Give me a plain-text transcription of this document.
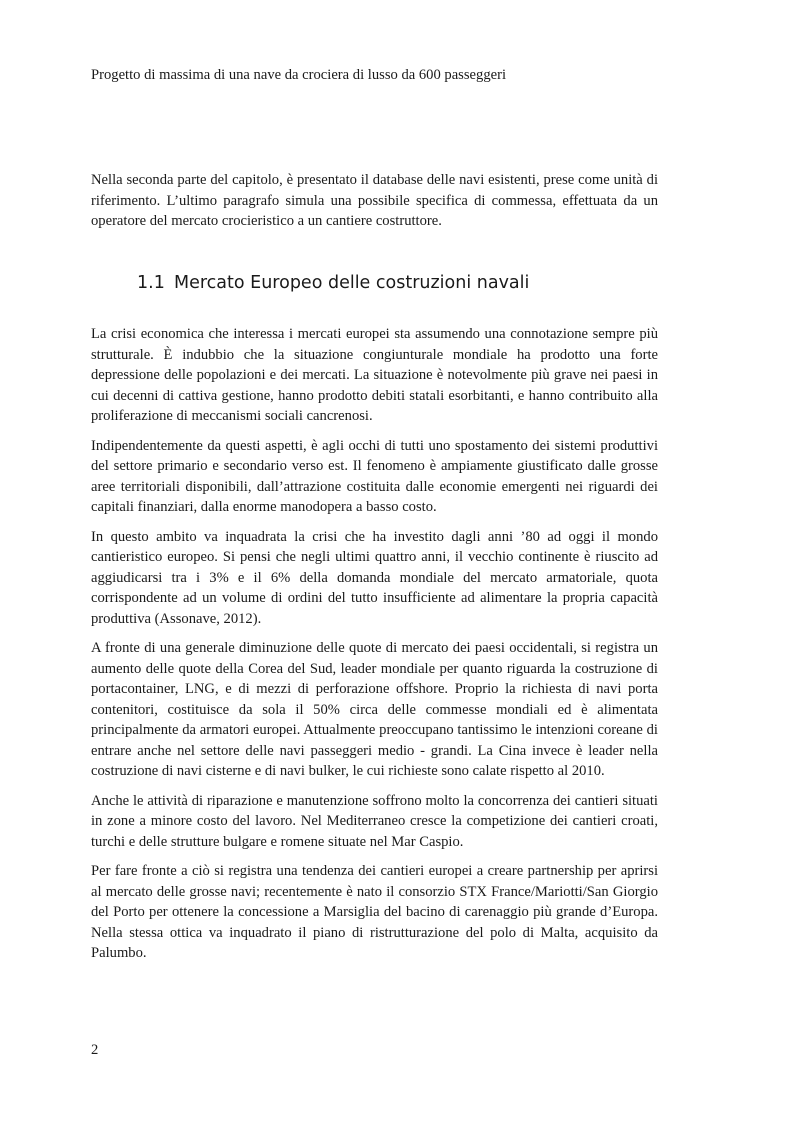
Progetto di massima di una nave da crociera di lusso da 600 passeggeri

Nella seconda parte del capitolo, è presentato il database delle navi esistenti, prese come unità di riferimento. L’ultimo paragrafo simula una possibile specifica di commessa, effettuata da un operatore del mercato crocieristico a un cantiere costruttore.

1.1 Mercato Europeo delle costruzioni navali

La crisi economica che interessa i mercati europei sta assumendo una connotazione sempre più strutturale. È indubbio che la situazione congiunturale mondiale ha prodotto una forte depressione delle popolazioni e dei mercati. La situazione è notevolmente più grave nei paesi in cui decenni di cattiva gestione, hanno prodotto debiti statali esorbitanti, e hanno contribuito alla proliferazione di meccanismi sociali cancrenosi.

Indipendentemente da questi aspetti, è agli occhi di tutti uno spostamento dei sistemi produttivi del settore primario e secondario verso est. Il fenomeno è ampiamente giustificato dalle grosse aree territoriali disponibili, dall’attrazione costituita dalle economie emergenti nei riguardi dei capitali finanziari, dalla enorme manodopera a basso costo.

In questo ambito va inquadrata la crisi che ha investito dagli anni ’80 ad oggi il mondo cantieristico europeo. Si pensi che negli ultimi quattro anni, il vecchio continente è riuscito ad aggiudicarsi tra i 3% e il 6% della domanda mondiale del mercato armatoriale, quota corrispondente ad un volume di ordini del tutto insufficiente ad alimentare la propria capacità produttiva (Assonave, 2012).

A fronte di una generale diminuzione delle quote di mercato dei paesi occidentali, si registra un aumento delle quote della Corea del Sud, leader mondiale per quanto riguarda la costruzione di portacontainer, LNG, e di mezzi di perforazione offshore. Proprio la richiesta di navi porta contenitori, costituisce da sola il 50% circa delle commesse mondiali ed è alimentata principalmente da armatori europei. Attualmente preoccupano tantissimo le intenzioni coreane di entrare anche nel settore delle navi passeggeri medio - grandi. La Cina invece è leader nella costruzione di navi cisterne e di navi bulker, le cui richieste sono calate rispetto al 2010.

Anche le attività di riparazione e manutenzione soffrono molto la concorrenza dei cantieri situati in zone a minore costo del lavoro. Nel Mediterraneo cresce la competizione dei cantieri croati, turchi e delle strutture bulgare e romene situate nel Mar Caspio.

Per fare fronte a ciò si registra una tendenza dei cantieri europei a creare partnership per aprirsi al mercato delle grosse navi; recentemente è nato il consorzio STX France/Mariotti/San Giorgio del Porto per ottenere la concessione a Marsiglia del bacino di carenaggio più grande d’Europa. Nella stessa ottica va inquadrato il piano di ristrutturazione del polo di Malta, acquisito da Palumbo.

2
